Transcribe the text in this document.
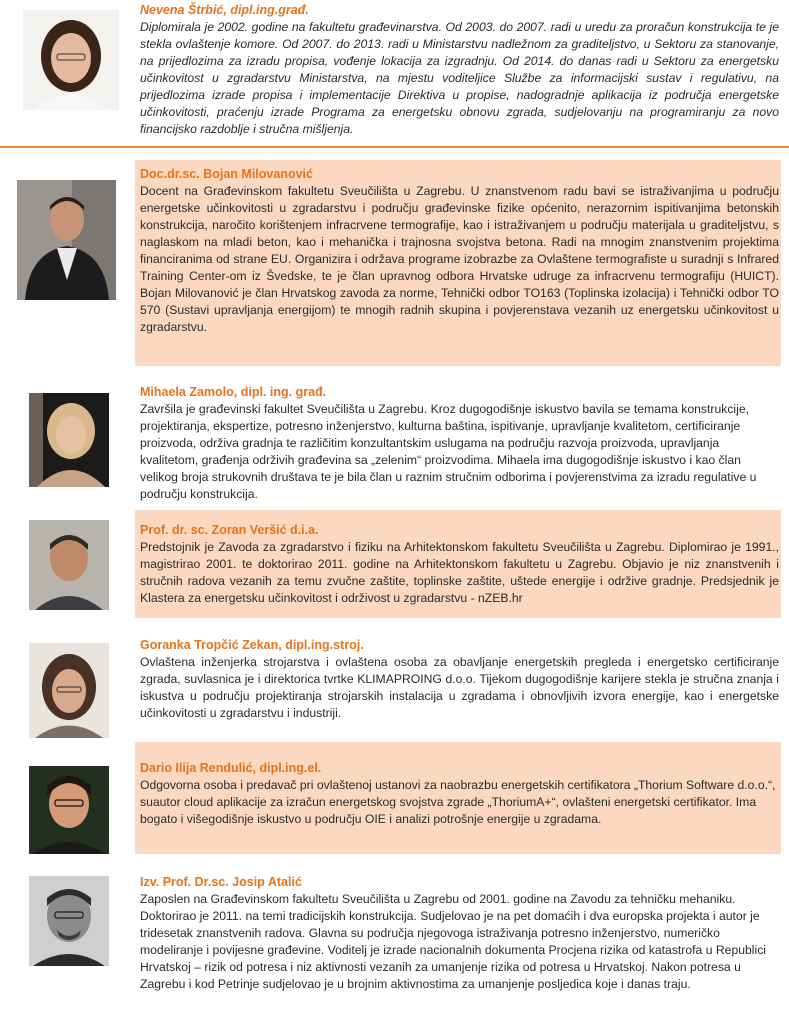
Nevena Štrbić, dipl.ing.građ.

Diplomirala je 2002. godine na fakultetu građevinarstva. Od 2003. do 2007. radi u uredu za proračun konstrukcija te je stekla ovlaštenje komore. Od 2007. do 2013. radi u Ministarstvu nadležnom za graditeljstvo, u Sektoru za stanovanje, na prijedlozima za izradu propisa, vođenje lokacija za izgradnju. Od 2014. do danas radi u Sektoru za energetsku učinkovitost u zgradarstvu Ministarstva, na mjestu voditeljice Službe za informacijski sustav i regulativu, na prijedlozima izrade propisa i implementacije Direktiva u propise, nadogradnje aplikacija iz područja energetske učinkovitosti, praćenju izrade Programa za energetsku obnovu zgrada, sudjelovanju na programiranju za novo financijsko razdoblje i stručna mišljenja.

Doc.dr.sc. Bojan Milovanović

Docent na Građevinskom fakultetu Sveučilišta u Zagrebu. U znanstvenom radu bavi se istraživanjima u području energetske učinkovitosti u zgradarstvu i području građevinske fizike općenito, nerazornim ispitivanjima betonskih konstrukcija, naročito korištenjem infracrvene termografije, kao i istraživanjem u području materijala u graditeljstvu, s naglaskom na mladi beton, kao i mehanička i trajnosna svojstva betona. Radi na mnogim znanstvenim projektima financiranima od strane EU. Organizira i održava programe izobrazbe za Ovlaštene termografiste u suradnji s Infrared Training Center-om iz Švedske, te je član upravnog odbora Hrvatske udruge za infracrvenu termografiju (HUICT). Bojan Milovanović je član Hrvatskog zavoda za norme, Tehnički odbor TO163 (Toplinska izolacija) i Tehnički odbor TO 570 (Sustavi upravljanja energijom) te mnogih radnih skupina i povjerenstava vezanih uz energetsku učinkovitost u zgradarstvu.

Mihaela Zamolo, dipl. ing. građ.

Završila je građevinski fakultet Sveučilišta u Zagrebu. Kroz dugogodišnje iskustvo bavila se temama konstrukcije, projektiranja, ekspertize, potresno inženjerstvo, kulturna baština, ispitivanje, upravljanje kvalitetom, certificiranje proizvoda, održiva gradnja te različitim konzultantskim uslugama na području razvoja proizvoda, upravljanja kvalitetom, građenja održivih građevina sa „zelenim“ proizvodima. Mihaela ima dugogodišnje iskustvo i kao član velikog broja strukovnih društava te je bila član u raznim stručnim odborima i povjerenstvima za izradu regulative u području konstrukcija.

Prof. dr. sc. Zoran Veršić d.i.a.

Predstojnik je Zavoda za zgradarstvo i fiziku na Arhitektonskom fakultetu Sveučilišta u Zagrebu. Diplomirao je 1991., magistrirao 2001. te doktorirao 2011. godine na Arhitektonskom fakultetu u Zagrebu. Objavio je niz znanstvenih i stručnih radova vezanih za temu zvučne zaštite, toplinske zaštite, uštede energije i održive gradnje. Predsjednik je Klastera za energetsku učinkovitost i održivost u zgradarstvu - nZEB.hr

Goranka Tropčić Zekan, dipl.ing.stroj.

Ovlaštena inženjerka strojarstva i ovlaštena osoba za obavljanje energetskih pregleda i energetsko certificiranje zgrada, suvlasnica je i direktorica tvrtke KLIMAPROING d.o.o. Tijekom dugogodišnje karijere stekla je stručna znanja i iskustva u području projektiranja strojarskih instalacija u zgradama i obnovljivih izvora energije, kao i energetske učinkovitosti u zgradarstvu i industriji.

Dario Ilija Rendulić, dipl.ing.el.

Odgovorna osoba i predavač pri ovlaštenoj ustanovi za naobrazbu energetskih certifikatora „Thorium Software d.o.o.“, suautor cloud aplikacije za izračun energetskog svojstva zgrade „ThoriumA+“, ovlašteni energetski certifikator. Ima bogato i višegodišnje iskustvo u području OIE i analizi potrošnje energije u zgradama.

Izv. Prof. Dr.sc. Josip Atalić

Zaposlen na Građevinskom fakultetu Sveučilišta u Zagrebu od 2001. godine na Zavodu za tehničku mehaniku. Doktorirao je 2011. na temi tradicijskih konstrukcija. Sudjelovao je na pet domaćih i dva europska projekta i autor je tridesetak znanstvenih radova. Glavna su područja njegovoga istraživanja potresno inženjerstvo, numeričko modeliranje i povijesne građevine. Voditelj je izrade nacionalnih dokumenta Procjena rizika od katastrofa u Republici Hrvatskoj – rizik od potresa i niz aktivnosti vezanih za umanjenje rizika od potresa u Hrvatskoj. Nakon potresa u Zagrebu i kod Petrinje sudjelovao je u brojnim aktivnostima za umanjenje posljedica koje i danas traju.
